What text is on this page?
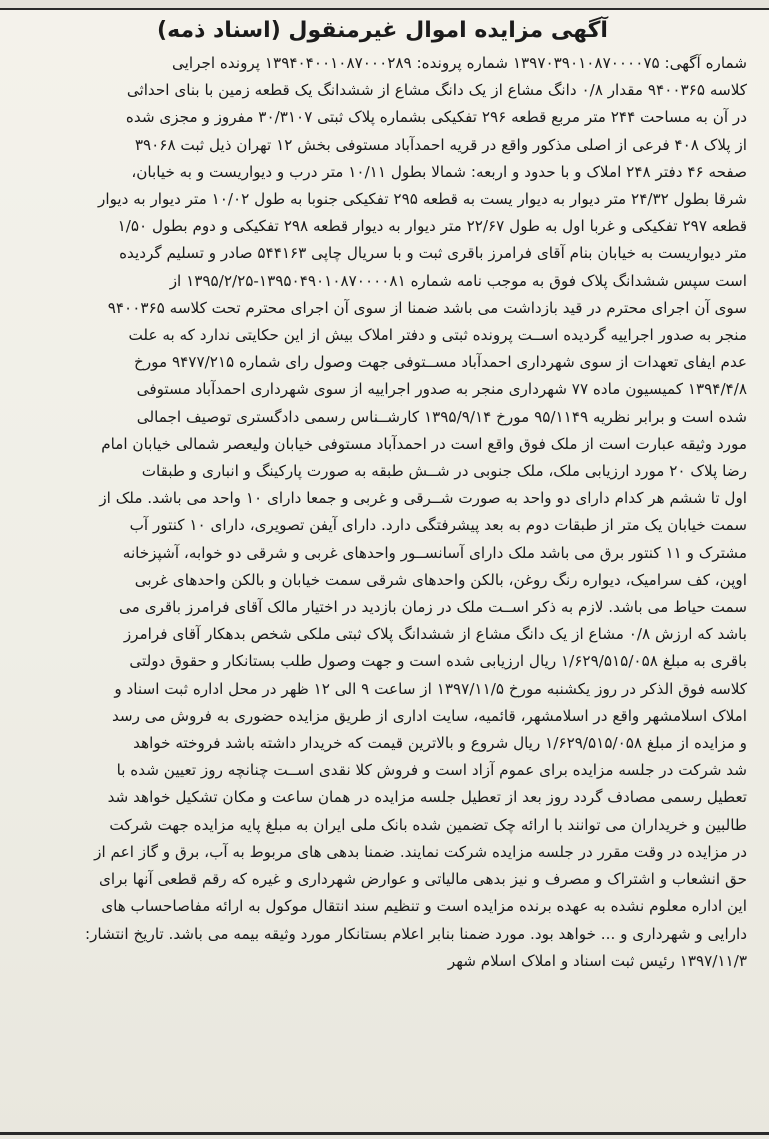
آگهی مزایده اموال غیرمنقول (اسناد ذمه)
شماره آگهی: ۱۳۹۷۰۳۹۰۱۰۸۷۰۰۰۰۷۵ شماره پرونده: ۱۳۹۴۰۴۰۰۱۰۸۷۰۰۰۲۸۹ پرونده اجرایی
کلاسه ۹۴۰۰۳۶۵ مقدار ۰/۸ دانگ مشاع از یک دانگ مشاع از ششدانگ یک قطعه زمین با بنای احداثی
در آن به مساحت ۲۴۴ متر مربع قطعه ۲۹۶ تفکیکی بشماره پلاک ثبتی ۳۰/۳۱۰۷ مفروز و مجزی شده
از پلاک ۴۰۸ فرعی از اصلی مذکور واقع در قریه احمدآباد مستوفی بخش ۱۲ تهران ذیل ثبت ۳۹۰۶۸
صفحه ۴۶ دفتر ۲۴۸ املاک و با حدود و اربعه: شمالا بطول ۱۰/۱۱ متر درب و دیواریست و به خیابان،
شرقا بطول ۲۴/۳۲ متر دیوار به دیوار یست به قطعه ۲۹۵ تفکیکی جنوبا به طول ۱۰/۰۲ متر دیوار به دیوار
قطعه ۲۹۷ تفکیکی و غربا اول به طول ۲۲/۶۷ متر دیوار به دیوار قطعه ۲۹۸ تفکیکی و دوم بطول ۱/۵۰
متر دیواریست به خیابان بنام آقای فرامرز باقری ثبت و با سریال چاپی ۵۴۴۱۶۳ صادر و تسلیم گردیده
است سپس ششدانگ پلاک فوق به موجب نامه شماره ۱۳۹۵۰۴۹۰۱۰۸۷۰۰۰۰۸۱-۱۳۹۵/۲/۲۵ از
سوی آن اجرای محترم در قید بازداشت می باشد ضمنا از سوی آن اجرای محترم تحت کلاسه ۹۴۰۰۳۶۵
منجر به صدور اجراییه گردیده اســت پرونده ثبتی و دفتر املاک بیش از این حکایتی ندارد که به علت
عدم ایفای تعهدات از سوی شهرداری احمدآباد مســتوفی جهت وصول رای شماره ۹۴۷۷/۲۱۵ مورخ
۱۳۹۴/۴/۸ کمیسیون ماده ۷۷ شهرداری منجر به صدور اجراییه از سوی شهرداری احمدآباد مستوفی
شده است و برابر نظریه ۹۵/۱۱۴۹ مورخ ۱۳۹۵/۹/۱۴ کارشــناس رسمی دادگستری توصیف اجمالی
مورد وثیقه عبارت است از ملک فوق واقع است در احمدآباد مستوفی خیابان ولیعصر شمالی خیابان امام
رضا پلاک ۲۰ مورد ارزیابی ملک، ملک جنوبی در شــش طبقه به صورت پارکینگ و انباری و طبقات
اول تا ششم هر کدام دارای دو واحد به صورت شــرقی و غربی و جمعا دارای ۱۰ واحد می باشد. ملک از
سمت خیابان یک متر از طبقات دوم به بعد پیشرفتگی دارد. دارای آیفن تصویری، دارای ۱۰ کنتور آب
مشترک و ۱۱ کنتور برق می باشد ملک دارای آسانســور واحدهای غربی و شرقی دو خوابه، آشپزخانه
اوپن، کف سرامیک، دیواره رنگ روغن، بالکن واحدهای شرقی سمت خیابان و بالکن واحدهای غربی
سمت حیاط می باشد. لازم به ذکر اســت ملک در زمان بازدید در اختیار مالک آقای فرامرز باقری می
باشد که ارزش ۰/۸ مشاع از یک دانگ مشاع از ششدانگ پلاک ثبتی ملکی شخص بدهکار آقای فرامرز
باقری به مبلغ ۱/۶۲۹/۵۱۵/۰۵۸ ریال ارزیابی شده است و جهت وصول طلب بستانکار و حقوق دولتی
کلاسه فوق الذکر در روز یکشنبه مورخ ۱۳۹۷/۱۱/۵ از ساعت ۹ الی ۱۲ ظهر در محل اداره ثبت اسناد و
املاک اسلامشهر واقع در اسلامشهر، قائمیه، سایت اداری از طریق مزایده حضوری به فروش می رسد
و مزایده از مبلغ ۱/۶۲۹/۵۱۵/۰۵۸ ریال شروع و بالاترین قیمت که خریدار داشته باشد فروخته خواهد
شد شرکت در جلسه مزایده برای عموم آزاد است و فروش کلا نقدی اســت چنانچه روز تعیین شده با
تعطیل رسمی مصادف گردد روز بعد از تعطیل جلسه مزایده در همان ساعت و مکان تشکیل خواهد شد
طالبین و خریداران می توانند با ارائه چک تضمین شده بانک ملی ایران به مبلغ پایه مزایده جهت شرکت
در مزایده در وقت مقرر در جلسه مزایده شرکت نمایند. ضمنا بدهی های مربوط به آب، برق و گاز اعم از
حق انشعاب و اشتراک و مصرف و نیز بدهی مالیاتی و عوارض شهرداری و غیره که رقم قطعی آنها برای
این اداره معلوم نشده به عهده برنده مزایده است و تنظیم سند انتقال موکول به ارائه مفاصاحساب های
دارایی و شهرداری و ... خواهد بود. مورد ضمنا بنابر اعلام بستانکار مورد وثیقه بیمه می باشد. تاریخ انتشار:
۱۳۹۷/۱۱/۳ رئیس ثبت اسناد و املاک اسلام شهر
